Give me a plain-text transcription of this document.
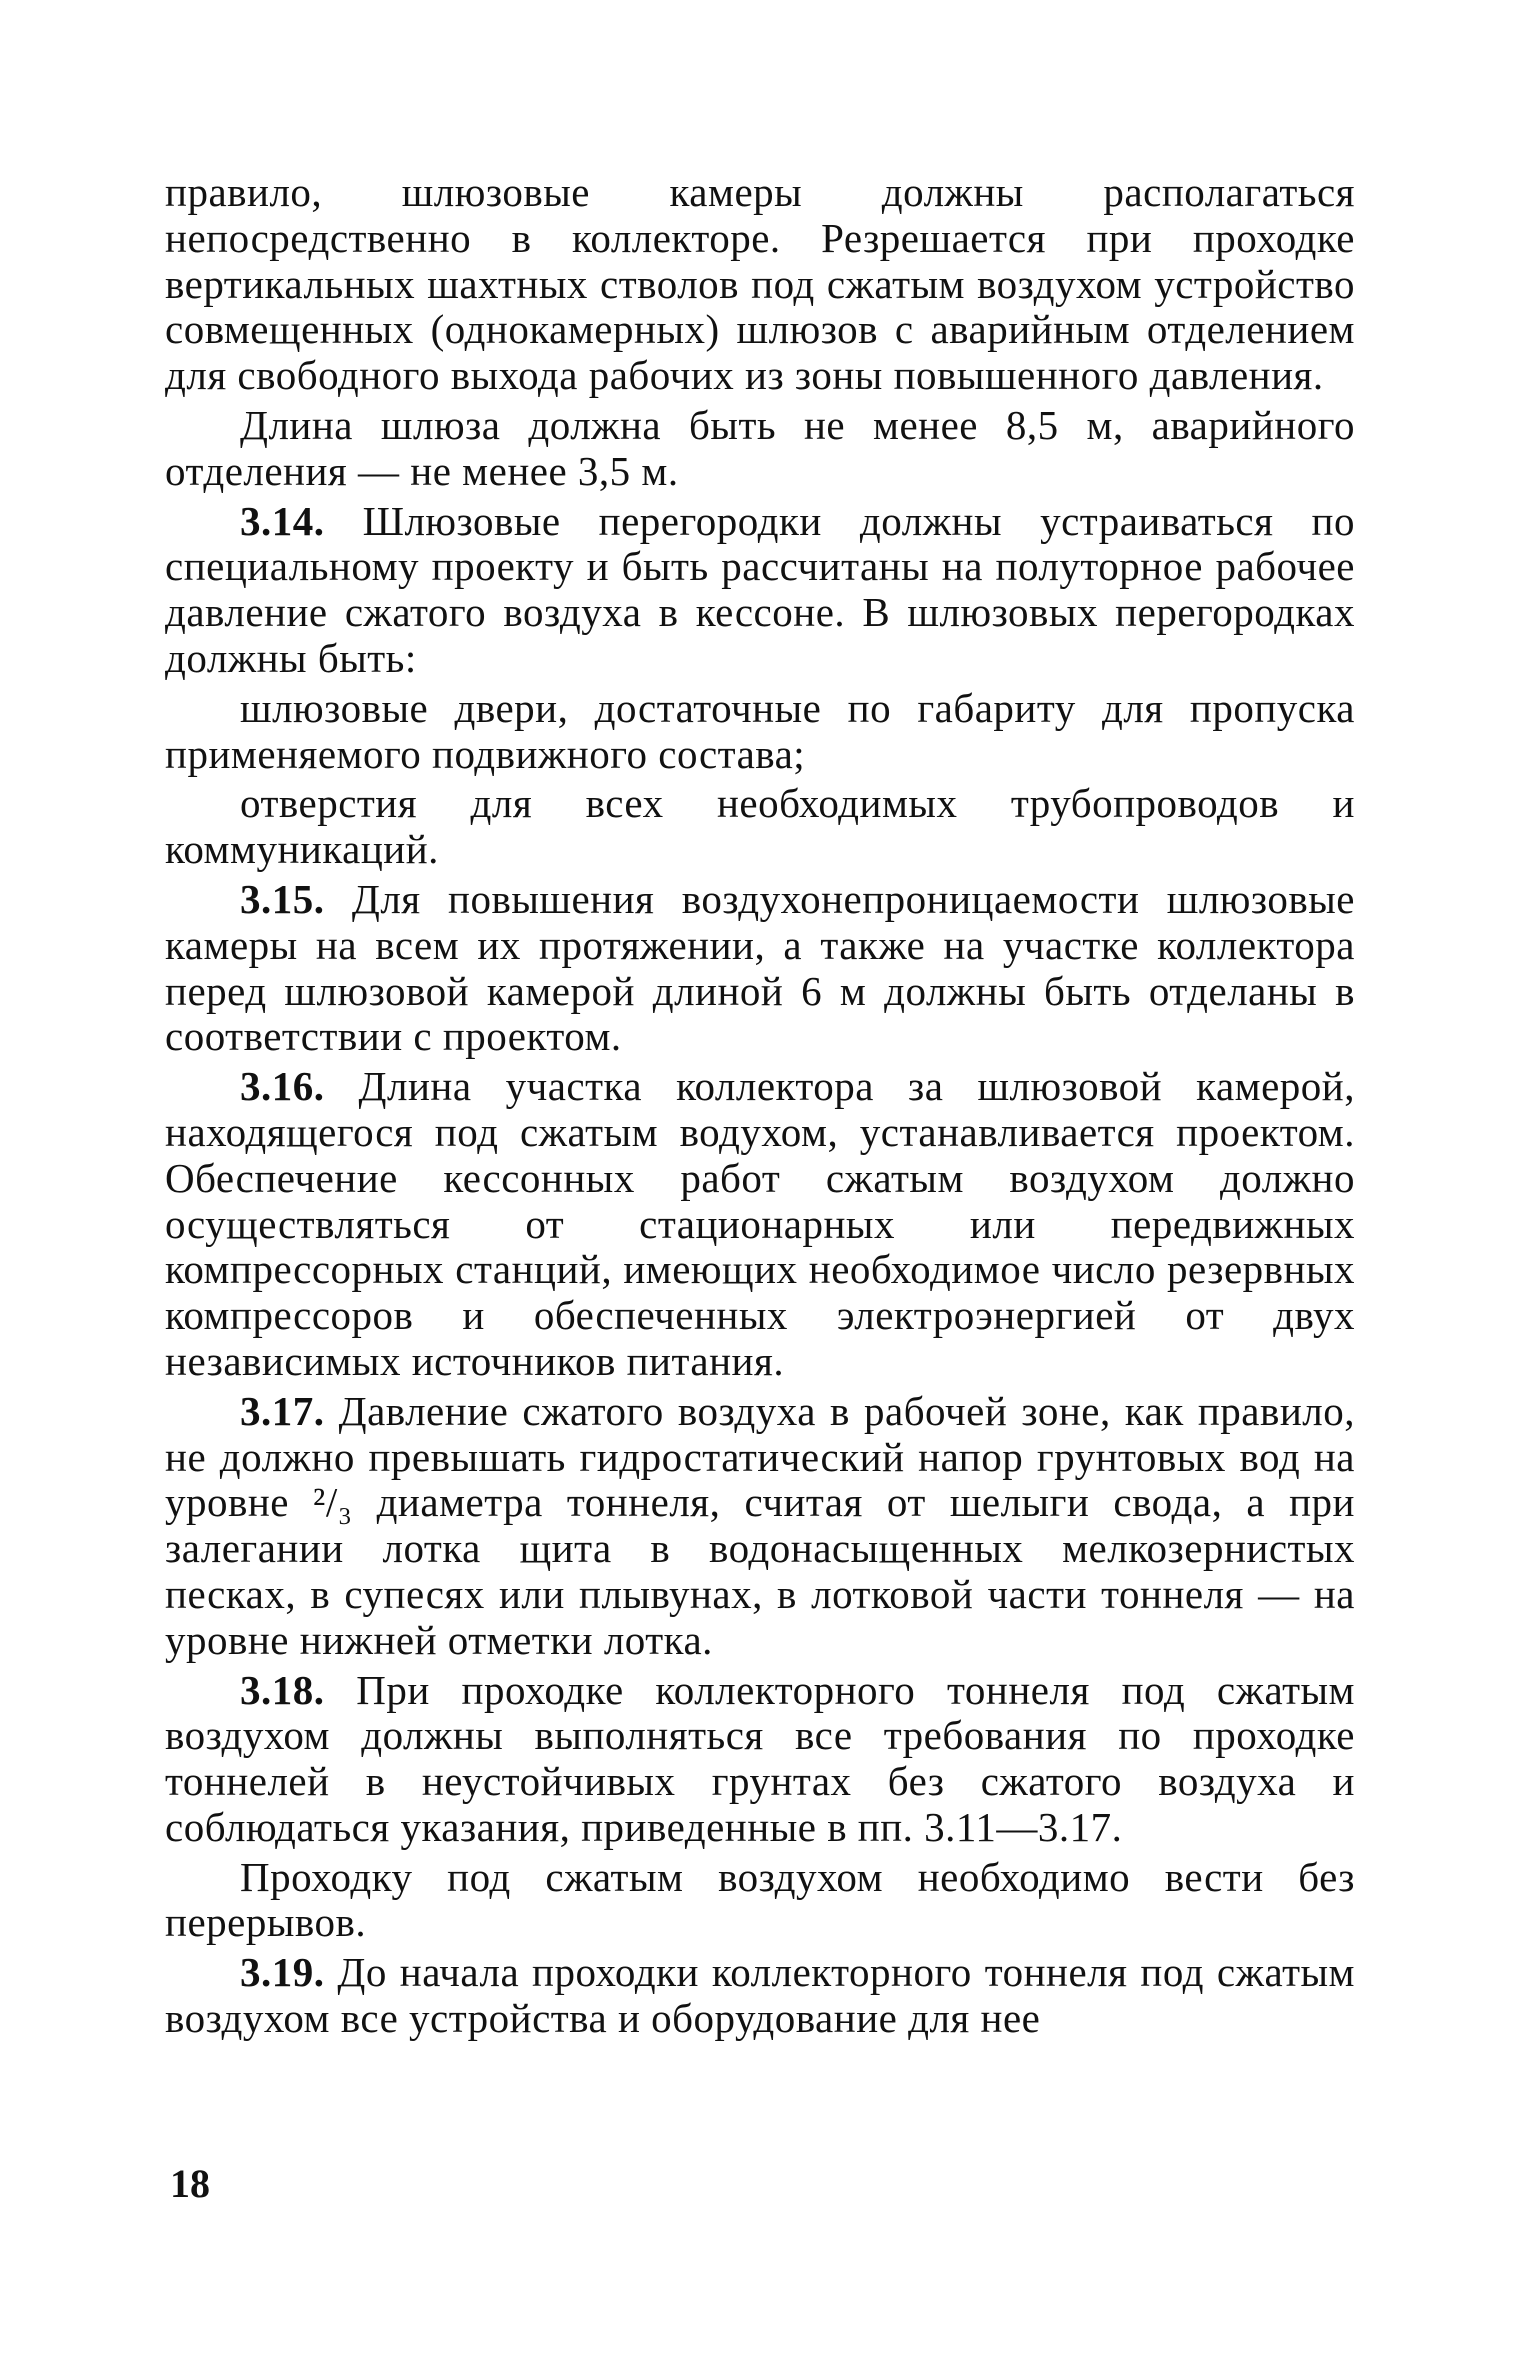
правило, шлюзовые камеры должны располагаться непосредственно в коллекторе. Резрешается при проходке вертикальных шахтных стволов под сжатым воздухом устройство совмещенных (однокамерных) шлюзов с аварийным отделением для свободного выхода рабочих из зоны повышенного давления.

Длина шлюза должна быть не менее 8,5 м, аварийного отделения — не менее 3,5 м.

3.14. Шлюзовые перегородки должны устраиваться по специальному проекту и быть рассчитаны на полуторное рабочее давление сжатого воздуха в кессоне. В шлюзовых перегородках должны быть:

шлюзовые двери, достаточные по габариту для пропуска применяемого подвижного состава;

отверстия для всех необходимых трубопроводов и коммуникаций.

3.15. Для повышения воздухонепроницаемости шлюзовые камеры на всем их протяжении, а также на участке коллектора перед шлюзовой камерой длиной 6 м должны быть отделаны в соответствии с проектом.

3.16. Длина участка коллектора за шлюзовой камерой, находящегося под сжатым водухом, устанавливается проектом. Обеспечение кессонных работ сжатым воздухом должно осуществляться от стационарных или передвижных компрессорных станций, имеющих необходимое число резервных компрессоров и обеспеченных электроэнергией от двух независимых источников питания.

3.17. Давление сжатого воздуха в рабочей зоне, как правило, не должно превышать гидростатический напор грунтовых вод на уровне ²/₃ диаметра тоннеля, считая от шелыги свода, а при залегании лотка щита в водонасыщенных мелкозернистых песках, в супесях или плывунах, в лотковой части тоннеля — на уровне нижней отметки лотка.

3.18. При проходке коллекторного тоннеля под сжатым воздухом должны выполняться все требования по проходке тоннелей в неустойчивых грунтах без сжатого воздуха и соблюдаться указания, приведенные в пп. 3.11—3.17.

Проходку под сжатым воздухом необходимо вести без перерывов.

3.19. До начала проходки коллекторного тоннеля под сжатым воздухом все устройства и оборудование для нее

18
